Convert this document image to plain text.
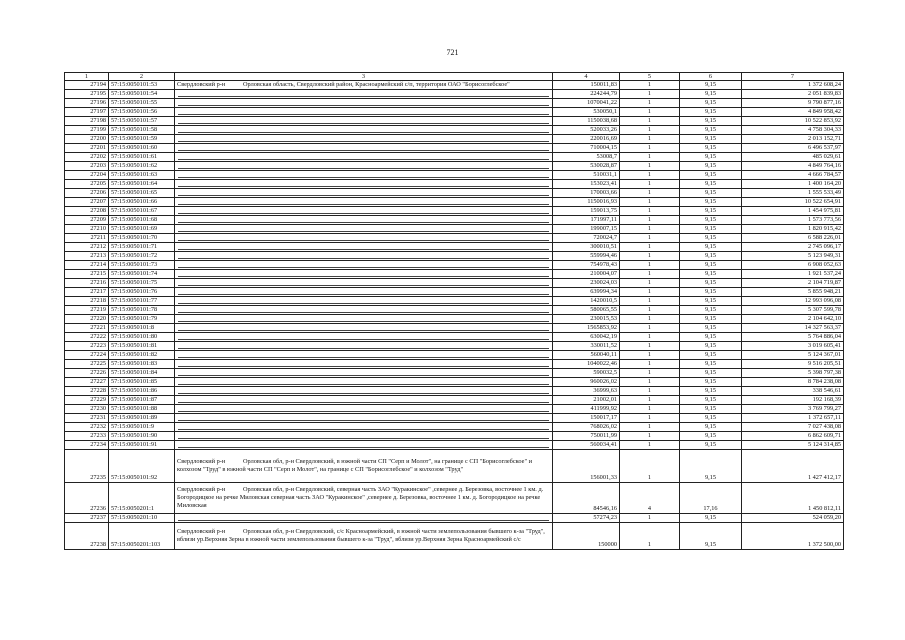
721
1	2	3	4	5	6	7
27194	57:15:0050101:53	Свердловский р-н Орловская область, Свердловский район, Красноармейский с/п, территория ОАО "Борисоглебское"	150011,83	1	9,15	1 372 608,24
27195	57:15:0050101:54		224244,79	1	9,15	2 051 839,83
27196	57:15:0050101:55		1070041,22	1	9,15	9 790 877,16
27197	57:15:0050101:56		530050,1	1	9,15	4 849 958,42
27198	57:15:0050101:57		1150038,68	1	9,15	10 522 853,92
27199	57:15:0050101:58		520033,26	1	9,15	4 758 304,33
27200	57:15:0050101:59		220016,69	1	9,15	2 013 152,71
27201	57:15:0050101:60		710004,15	1	9,15	6 496 537,97
27202	57:15:0050101:61		53008,7	1	9,15	485 029,61
27203	57:15:0050101:62		530028,87	1	9,15	4 849 764,16
27204	57:15:0050101:63		510031,1	1	9,15	4 666 784,57
27205	57:15:0050101:64		153023,41	1	9,15	1 400 164,20
27206	57:15:0050101:65		170003,66	1	9,15	1 555 533,49
27207	57:15:0050101:66		1150016,93	1	9,15	10 522 654,91
27208	57:15:0050101:67		159013,75	1	9,15	1 454 975,81
27209	57:15:0050101:68		171997,11	1	9,15	1 573 773,56
27210	57:15:0050101:69		199007,15	1	9,15	1 820 915,42
27211	57:15:0050101:70		720024,7	1	9,15	6 588 226,01
27212	57:15:0050101:71		300010,51	1	9,15	2 745 096,17
27213	57:15:0050101:72		559994,46	1	9,15	5 123 949,31
27214	57:15:0050101:73		754978,43	1	9,15	6 908 052,63
27215	57:15:0050101:74		210004,07	1	9,15	1 921 537,24
27216	57:15:0050101:75		230024,03	1	9,15	2 104 719,87
27217	57:15:0050101:76		639994,34	1	9,15	5 855 948,21
27218	57:15:0050101:77		1420010,5	1	9,15	12 993 096,08
27219	57:15:0050101:78		580065,55	1	9,15	5 307 599,78
27220	57:15:0050101:79		230015,53	1	9,15	2 104 642,10
27221	57:15:0050101:8		1565853,92	1	9,15	14 327 563,37
27222	57:15:0050101:80		630042,19	1	9,15	5 764 886,04
27223	57:15:0050101:81		330011,52	1	9,15	3 019 605,41
27224	57:15:0050101:82		560040,11	1	9,15	5 124 367,01
27225	57:15:0050101:83		1040022,46	1	9,15	9 516 205,51
27226	57:15:0050101:84		590032,5	1	9,15	5 398 797,38
27227	57:15:0050101:85		960026,02	1	9,15	8 784 238,08
27228	57:15:0050101:86		36999,63	1	9,15	338 546,61
27229	57:15:0050101:87		21002,01	1	9,15	192 168,39
27230	57:15:0050101:88		411999,92	1	9,15	3 769 799,27
27231	57:15:0050101:89		150017,17	1	9,15	1 372 657,11
27232	57:15:0050101:9		768026,02	1	9,15	7 027 438,08
27233	57:15:0050101:90		750011,99	1	9,15	6 862 609,71
27234	57:15:0050101:91		560034,41	1	9,15	5 124 314,85
27235	57:15:0050101:92	Свердловский р-н Орловская обл, р-н Свердловский, в южной части СП "Серп и Молот", на границе с СП "Борисоглебское" и колхозом "Труд" в южной части СП "Серп и Молот", на границе с СП "Борисоглебское" и колхозом "Труд"	156001,33	1	9,15	1 427 412,17
27236	57:15:0050201:1	Свердловский р-н Орловская обл, р-н Свердловский, северная часть ЗАО "Куракинское" ,севернее д. Березовка, восточнее 1 км. д. Богородицкое на речке Миловская северная часть ЗАО "Куракинское" ,севернее д. Березовка, восточнее 1 км. д. Богородицкое на речке Миловская	84546,16	4	17,16	1 450 812,11
27237	57:15:0050201:10		57274,23	1	9,15	524 059,20
27238	57:15:0050201:103	Свердловский р-н Орловская обл, р-н Свердловский, с/с Красноармейский, в южной части землепользования бывшего к-за "Труд", вблизи ур.Верхняя Зерна в южной части землепользования бывшего к-за "Труд", вблизи ур.Верхняя Зерна Красноармейский с/с	150000	1	9,15	1 372 500,00
